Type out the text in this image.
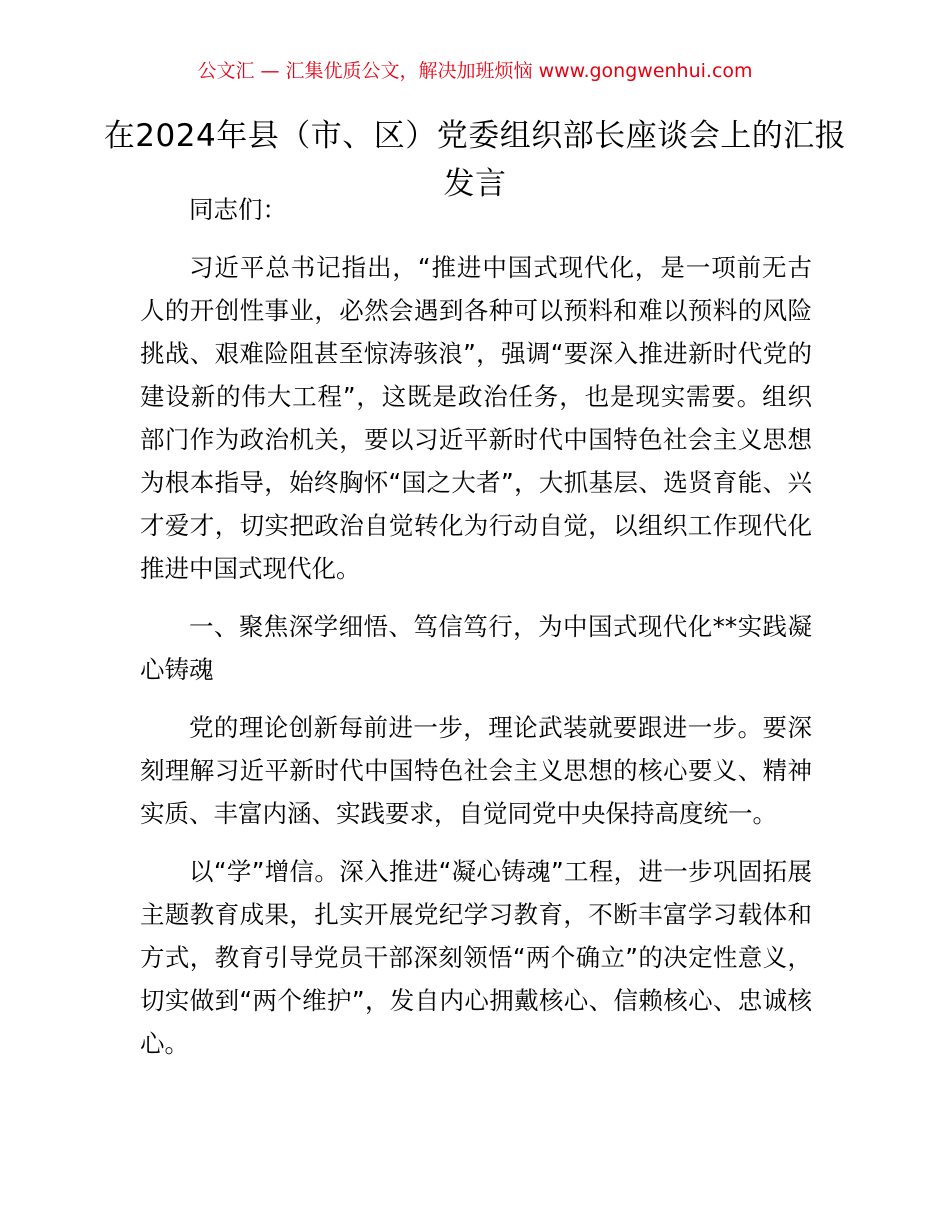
公文汇 — 汇集优质公文，解决加班烦恼 www.gongwenhui.com
在2024年县（市、区）党委组织部长座谈会上的汇报发言

同志们：

习近平总书记指出，“推进中国式现代化，是一项前无古人的开创性事业，必然会遇到各种可以预料和难以预料的风险挑战、艰难险阻甚至惊涛骇浪”，强调“要深入推进新时代党的建设新的伟大工程”，这既是政治任务，也是现实需要。组织部门作为政治机关，要以习近平新时代中国特色社会主义思想为根本指导，始终胸怀“国之大者”，大抓基层、选贤育能、兴才爱才，切实把政治自觉转化为行动自觉，以组织工作现代化推进中国式现代化。

一、聚焦深学细悟、笃信笃行，为中国式现代化**实践凝心铸魂

党的理论创新每前进一步，理论武装就要跟进一步。要深刻理解习近平新时代中国特色社会主义思想的核心要义、精神实质、丰富内涵、实践要求，自觉同党中央保持高度统一。

以“学”增信。深入推进“凝心铸魂”工程，进一步巩固拓展主题教育成果，扎实开展党纪学习教育，不断丰富学习载体和方式，教育引导党员干部深刻领悟“两个确立”的决定性意义，切实做到“两个维护”，发自内心拥戴核心、信赖核心、忠诚核心。
